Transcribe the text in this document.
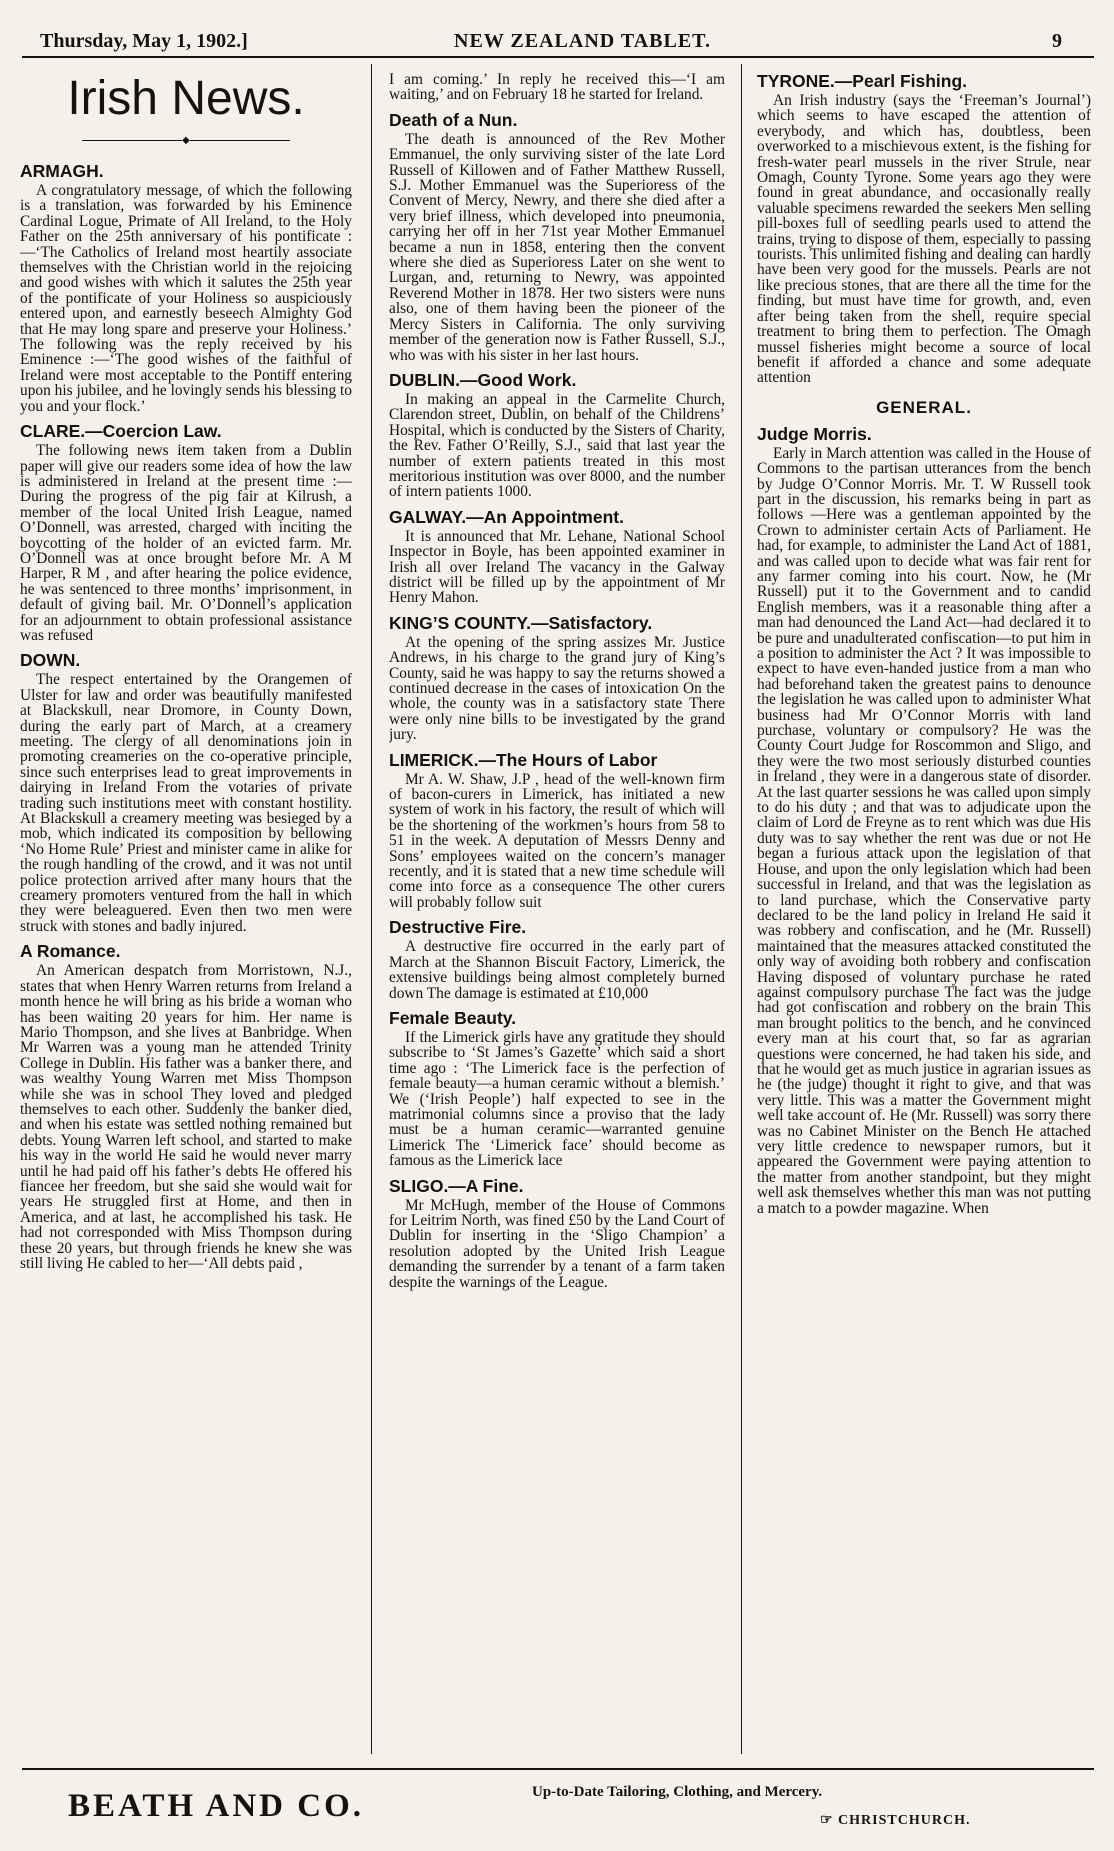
Thursday, May 1, 1902.]	NEW ZEALAND TABLET.	9
Irish News.
◆
ARMAGH.

A congratulatory message, of which the following is a translation, was forwarded by his Eminence Cardinal Logue, Primate of All Ireland, to the Holy Father on the 25th anniversary of his pontificate :—‘The Catholics of Ireland most heartily associate themselves with the Christian world in the rejoicing and good wishes with which it salutes the 25th year of the pontificate of your Holiness so auspiciously entered upon, and earnestly beseech Almighty God that He may long spare and preserve your Holiness.’ The following was the reply received by his Eminence :—‘The good wishes of the faithful of Ireland were most acceptable to the Pontiff entering upon his jubilee, and he lovingly sends his blessing to you and your flock.’

CLARE.—Coercion Law.

The following news item taken from a Dublin paper will give our readers some idea of how the law is administered in Ireland at the present time :—During the progress of the pig fair at Kilrush, a member of the local United Irish League, named O’Donnell, was arrested, charged with inciting the boycotting of the holder of an evicted farm. Mr. O’Donnell was at once brought before Mr. A M Harper, R M , and after hearing the police evidence, he was sentenced to three months’ imprisonment, in default of giving bail. Mr. O’Donnell’s application for an adjournment to obtain professional assistance was refused

DOWN.

The respect entertained by the Orangemen of Ulster for law and order was beautifully manifested at Blackskull, near Dromore, in County Down, during the early part of March, at a creamery meeting. The clergy of all denominations join in promoting creameries on the co-operative principle, since such enterprises lead to great improvements in dairying in Ireland From the votaries of private trading such institutions meet with constant hostility. At Blackskull a creamery meeting was besieged by a mob, which indicated its composition by bellowing ‘No Home Rule’ Priest and minister came in alike for the rough handling of the crowd, and it was not until police protection arrived after many hours that the creamery promoters ventured from the hall in which they were beleaguered. Even then two men were struck with stones and badly injured.

A Romance.

An American despatch from Morristown, N.J., states that when Henry Warren returns from Ireland a month hence he will bring as his bride a woman who has been waiting 20 years for him. Her name is Mario Thompson, and she lives at Banbridge. When Mr Warren was a young man he attended Trinity College in Dublin. His father was a banker there, and was wealthy Young Warren met Miss Thompson while she was in school They loved and pledged themselves to each other. Suddenly the banker died, and when his estate was settled nothing remained but debts. Young Warren left school, and started to make his way in the world He said he would never marry until he had paid off his father’s debts He offered his fiancee her freedom, but she said she would wait for years He struggled first at Home, and then in America, and at last, he accomplished his task. He had not corresponded with Miss Thompson during these 20 years, but through friends he knew she was still living He cabled to her—‘All debts paid ,

I am coming.’ In reply he received this—‘I am waiting,’ and on February 18 he started for Ireland.

Death of a Nun.

The death is announced of the Rev Mother Emmanuel, the only surviving sister of the late Lord Russell of Killowen and of Father Matthew Russell, S.J. Mother Emmanuel was the Superioress of the Convent of Mercy, Newry, and there she died after a very brief illness, which developed into pneumonia, carrying her off in her 71st year Mother Emmanuel became a nun in 1858, entering then the convent where she died as Superioress Later on she went to Lurgan, and, returning to Newry, was appointed Reverend Mother in 1878. Her two sisters were nuns also, one of them having been the pioneer of the Mercy Sisters in California. The only surviving member of the generation now is Father Russell, S.J., who was with his sister in her last hours.

DUBLIN.—Good Work.

In making an appeal in the Carmelite Church, Clarendon street, Dublin, on behalf of the Childrens’ Hospital, which is conducted by the Sisters of Charity, the Rev. Father O’Reilly, S.J., said that last year the number of extern patients treated in this most meritorious institution was over 8000, and the number of intern patients 1000.

GALWAY.—An Appointment.

It is announced that Mr. Lehane, National School Inspector in Boyle, has been appointed examiner in Irish all over Ireland The vacancy in the Galway district will be filled up by the appointment of Mr Henry Mahon.

KING’S COUNTY.—Satisfactory.

At the opening of the spring assizes Mr. Justice Andrews, in his charge to the grand jury of King’s County, said he was happy to say the returns showed a continued decrease in the cases of intoxication On the whole, the county was in a satisfactory state There were only nine bills to be investigated by the grand jury.

LIMERICK.—The Hours of Labor

Mr A. W. Shaw, J.P , head of the well-known firm of bacon-curers in Limerick, has initiated a new system of work in his factory, the result of which will be the shortening of the workmen’s hours from 58 to 51 in the week. A deputation of Messrs Denny and Sons’ employees waited on the concern’s manager recently, and it is stated that a new time schedule will come into force as a consequence The other curers will probably follow suit

Destructive Fire.

A destructive fire occurred in the early part of March at the Shannon Biscuit Factory, Limerick, the extensive buildings being almost completely burned down The damage is estimated at £10,000

Female Beauty.

If the Limerick girls have any gratitude they should subscribe to ‘St James’s Gazette’ which said a short time ago : ‘The Limerick face is the perfection of female beauty—a human ceramic without a blemish.’ We (‘Irish People’) half expected to see in the matrimonial columns since a proviso that the lady must be a human ceramic—warranted genuine Limerick The ‘Limerick face’ should become as famous as the Limerick lace

SLIGO.—A Fine.

Mr McHugh, member of the House of Commons for Leitrim North, was fined £50 by the Land Court of Dublin for inserting in the ‘Sligo Champion’ a resolution adopted by the United Irish League demanding the surrender by a tenant of a farm taken despite the warnings of the League.

TYRONE.—Pearl Fishing.

An Irish industry (says the ‘Freeman’s Journal’) which seems to have escaped the attention of everybody, and which has, doubtless, been overworked to a mischievous extent, is the fishing for fresh-water pearl mussels in the river Strule, near Omagh, County Tyrone. Some years ago they were found in great abundance, and occasionally really valuable specimens rewarded the seekers Men selling pill-boxes full of seedling pearls used to attend the trains, trying to dispose of them, especially to passing tourists. This unlimited fishing and dealing can hardly have been very good for the mussels. Pearls are not like precious stones, that are there all the time for the finding, but must have time for growth, and, even after being taken from the shell, require special treatment to bring them to perfection. The Omagh mussel fisheries might become a source of local benefit if afforded a chance and some adequate attention

GENERAL.
Judge Morris.

Early in March attention was called in the House of Commons to the partisan utterances from the bench by Judge O’Connor Morris. Mr. T. W Russell took part in the discussion, his remarks being in part as follows —Here was a gentleman appointed by the Crown to administer certain Acts of Parliament. He had, for example, to administer the Land Act of 1881, and was called upon to decide what was fair rent for any farmer coming into his court. Now, he (Mr Russell) put it to the Government and to candid English members, was it a reasonable thing after a man had denounced the Land Act—had declared it to be pure and unadulterated confiscation—to put him in a position to administer the Act ? It was impossible to expect to have even-handed justice from a man who had beforehand taken the greatest pains to denounce the legislation he was called upon to administer What business had Mr O’Connor Morris with land purchase, voluntary or compulsory? He was the County Court Judge for Roscommon and Sligo, and they were the two most seriously disturbed counties in Ireland , they were in a dangerous state of disorder. At the last quarter sessions he was called upon simply to do his duty ; and that was to adjudicate upon the claim of Lord de Freyne as to rent which was due His duty was to say whether the rent was due or not He began a furious attack upon the legislation of that House, and upon the only legislation which had been successful in Ireland, and that was the legislation as to land purchase, which the Conservative party declared to be the land policy in Ireland He said it was robbery and confiscation, and he (Mr. Russell) maintained that the measures attacked constituted the only way of avoiding both robbery and confiscation Having disposed of voluntary purchase he rated against compulsory purchase The fact was the judge had got confiscation and robbery on the brain This man brought politics to the bench, and he convinced every man at his court that, so far as agrarian questions were concerned, he had taken his side, and that he would get as much justice in agrarian issues as he (the judge) thought it right to give, and that was very little. This was a matter the Government might well take account of. He (Mr. Russell) was sorry there was no Cabinet Minister on the Bench He attached very little credence to newspaper rumors, but it appeared the Government were paying attention to the matter from another standpoint, but they might well ask themselves whether this man was not putting a match to a powder magazine. When

BEATH AND CO.	Up-to-Date Tailoring, Clothing, and Mercery.
☞ CHRISTCHURCH.
